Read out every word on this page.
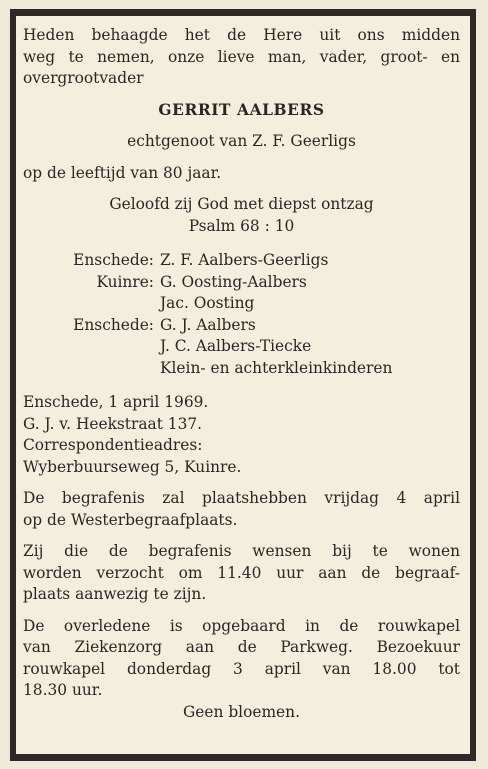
Heden behaagde het de Here uit ons midden
weg te nemen, onze lieve man, vader, groot- en
overgrootvader
GERRIT AALBERS
echtgenoot van Z. F. Geerligs
op de leeftijd van 80 jaar.
Geloofd zij God met diepst ontzag
Psalm 68 : 10
Enschede: Z. F. Aalbers-Geerligs
Kuinre: G. Oosting-Aalbers
Jac. Oosting
Enschede: G. J. Aalbers
J. C. Aalbers-Tiecke
Klein- en achterkleinkinderen
Enschede, 1 april 1969.
G. J. v. Heekstraat 137.
Correspondentieadres:
Wyberbuurseweg 5, Kuinre.
De begrafenis zal plaatshebben vrijdag 4 april
op de Westerbegraafplaats.
Zij die de begrafenis wensen bij te wonen
worden verzocht om 11.40 uur aan de begraaf-
plaats aanwezig te zijn.
De overledene is opgebaard in de rouwkapel
van Ziekenzorg aan de Parkweg. Bezoekuur
rouwkapel donderdag 3 april van 18.00 tot
18.30 uur.
Geen bloemen.
